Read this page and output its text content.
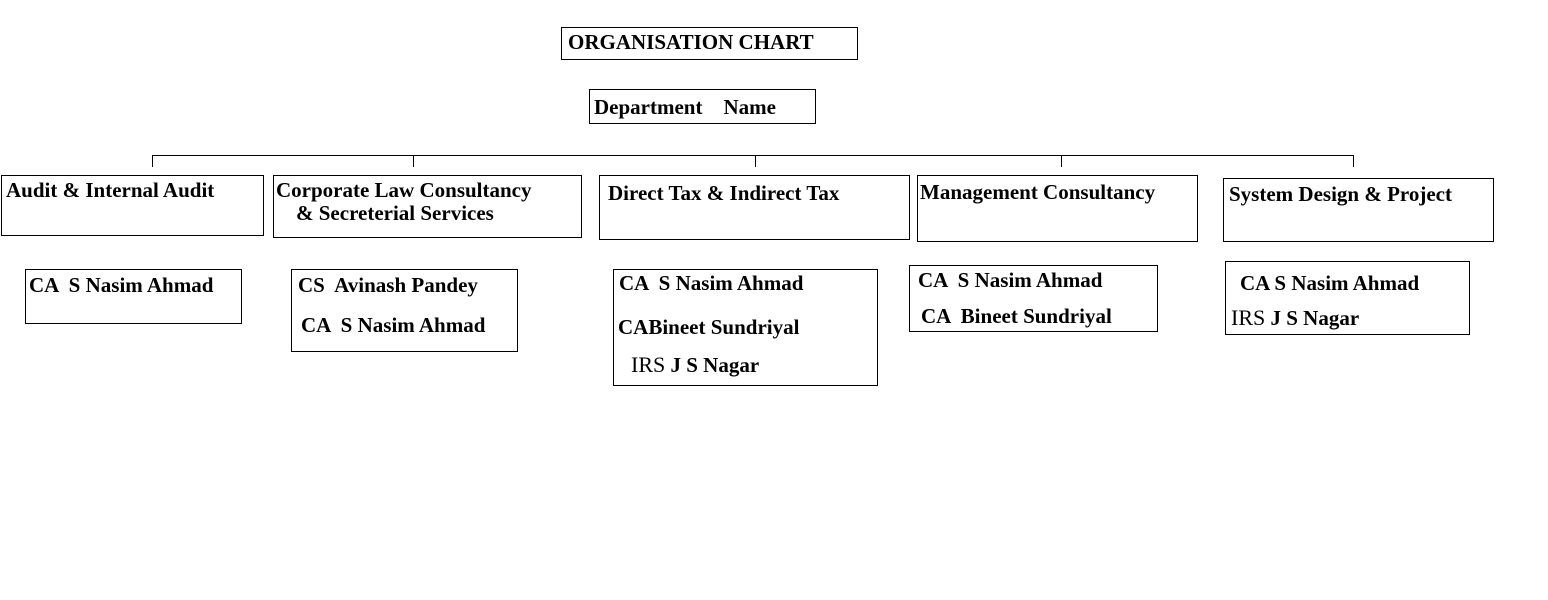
ORGANISATION CHART
Department    Name
Audit & Internal Audit	Corporate Law Consultancy
& Secreterial Services
Direct Tax & Indirect Tax	Management Consultancy	System Design & Project
CA  S Nasim Ahmad	CS  Avinash Pandey
CA  S Nasim Ahmad
CA  S Nasim Ahmad
CABineet Sundriyal
IRS J S Nagar
CA  S Nasim Ahmad
CA  Bineet Sundriyal
CA S Nasim Ahmad
IRS J S Nagar
